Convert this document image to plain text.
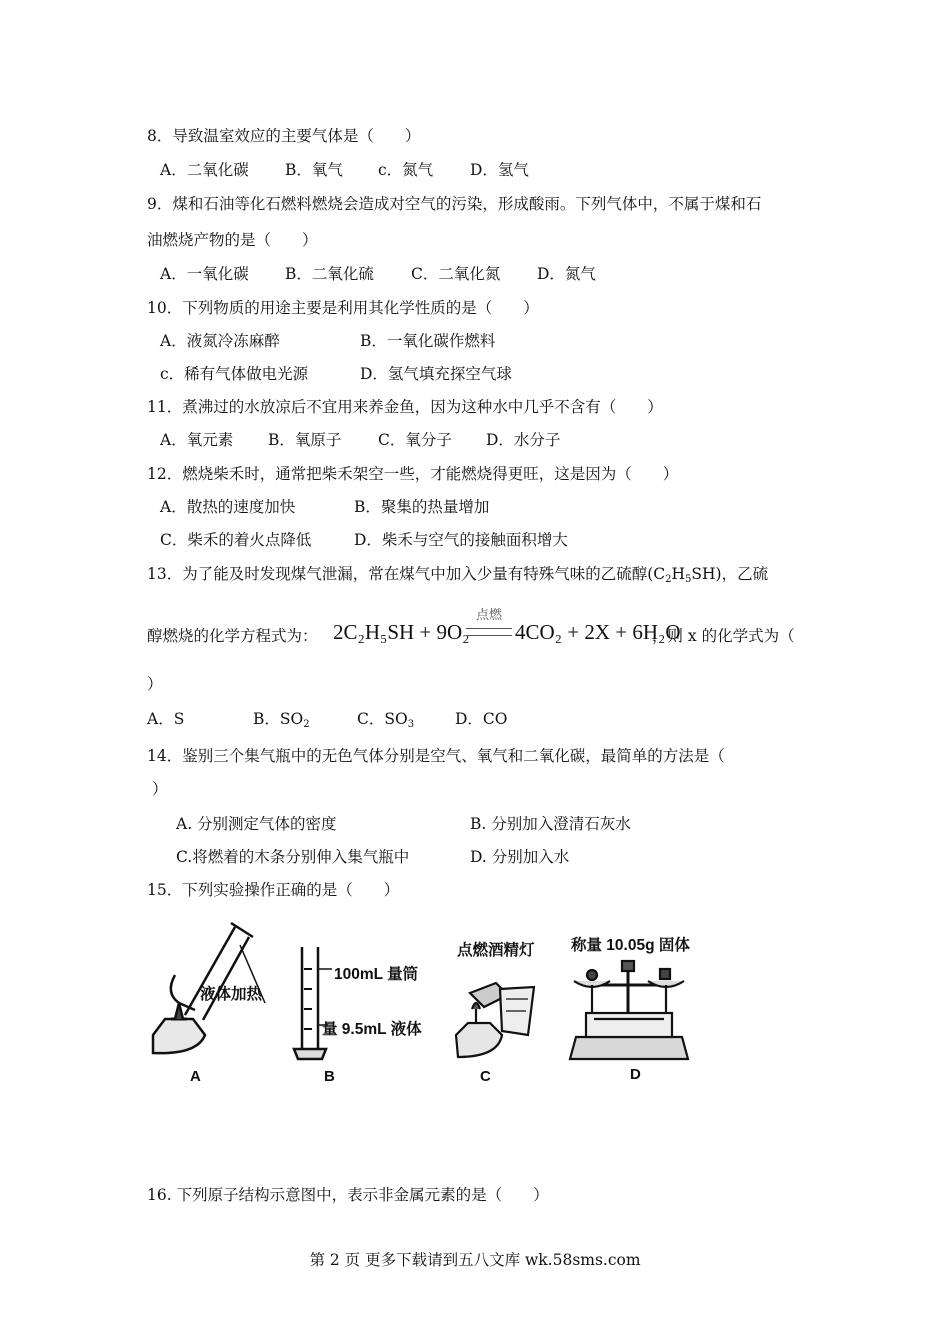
8．导致温室效应的主要气体是（　　）
A．二氧化碳 B．氧气 c．氮气 D．氢气
9．煤和石油等化石燃料燃烧会造成对空气的污染，形成酸雨。下列气体中，不属于煤和石
油燃烧产物的是（　　）
A．一氧化碳 B．二氧化硫 C．二氧化氮 D．氮气
10．下列物质的用途主要是利用其化学性质的是（　　）
A．液氮冷冻麻醉	B．一氧化碳作燃料
c．稀有气体做电光源	D．氢气填充探空气球
11．煮沸过的水放凉后不宜用来养金鱼，因为这种水中几乎不含有（　　）
A．氧元素 B．氧原子 C．氧分子 D．水分子
12．燃烧柴禾时，通常把柴禾架空一些，才能燃烧得更旺，这是因为（　　）
A．散热的速度加快	B．聚集的热量增加
C．柴禾的着火点降低	D．柴禾与空气的接触面积增大
13．为了能及时发现煤气泄漏，常在煤气中加入少量有特殊气味的乙硫醇$(C_2H_5SH)$，乙硫
醇燃烧的化学方程式为： 2C₂H₅SH + 9O₂
点燃
4CO₂ + 2X + 6H₂O
，则 x 的化学式为（
）
A．S	B．$SO_2$	C．$SO_3$	D．CO
14．鉴别三个集气瓶中的无色气体分别是空气、氧气和二氧化碳，最简单的方法是（
）
A. 分别测定气体的密度	B. 分别加入澄清石灰水
C.将燃着的木条分别伸入集气瓶中	D. 分别加入水
15．下列实验操作正确的是（　　）
液体加热
A
100mL 量筒
量 9.5mL 液体
B
点燃酒精灯
C
称量 10.05g 固体
D
16. 下列原子结构示意图中，表示非金属元素的是（　　）
第 2 页 更多下载请到五八文库 wk.58sms.com
